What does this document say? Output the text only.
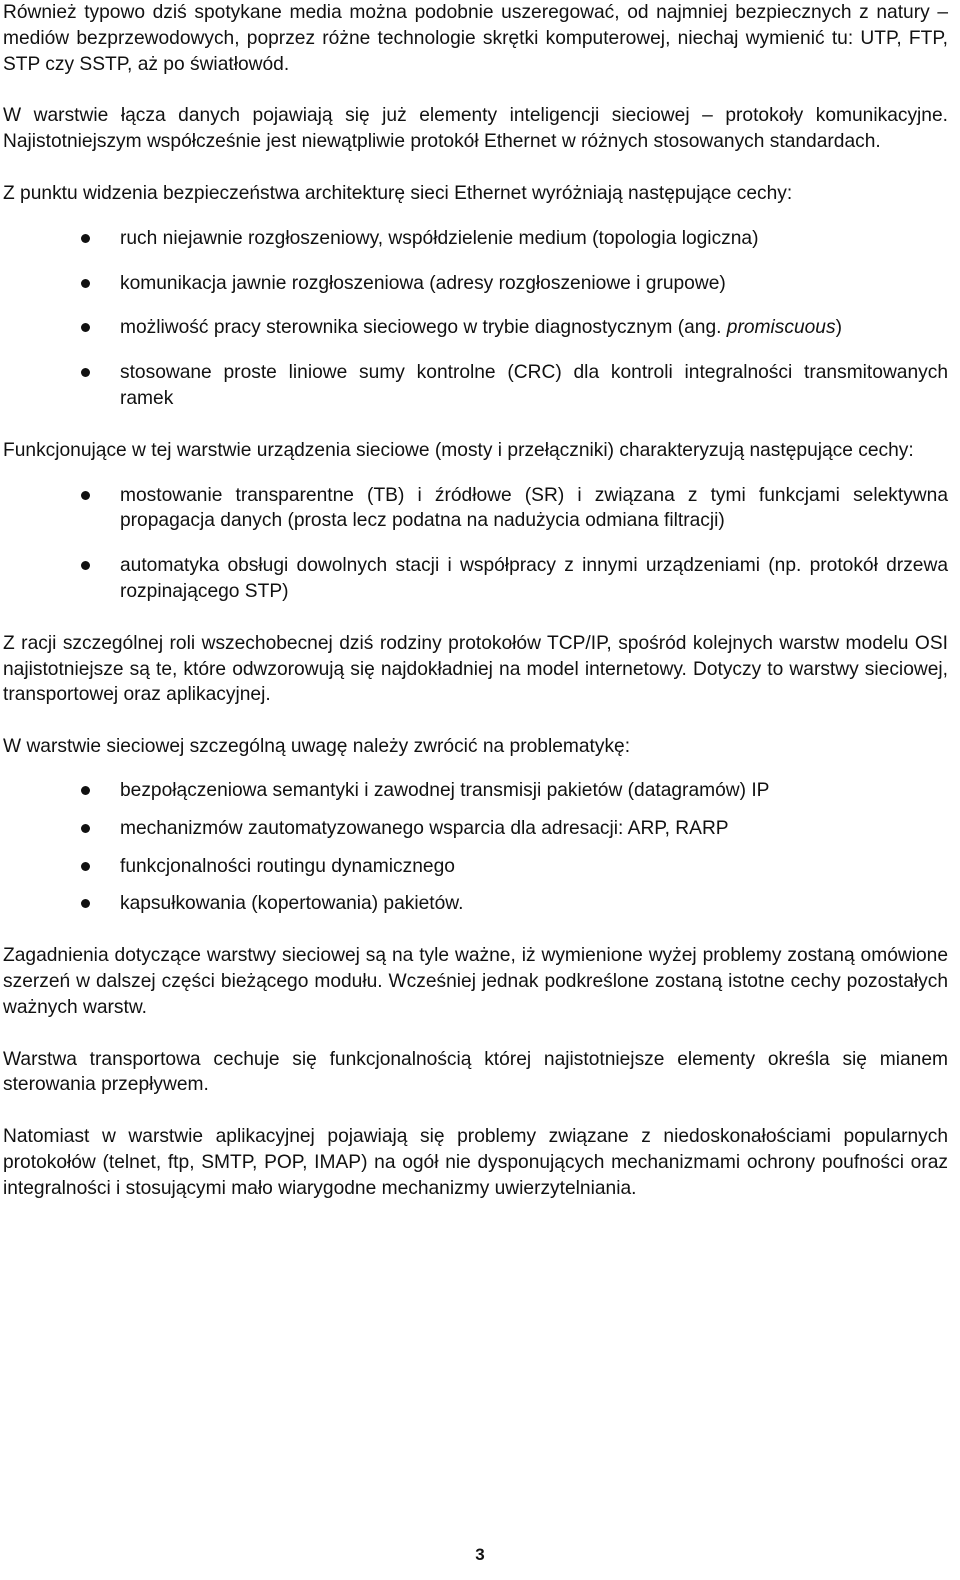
Również typowo dziś spotykane media można podobnie uszeregować, od najmniej bezpiecznych z natury – mediów bezprzewodowych, poprzez różne technologie skrętki komputerowej, niechaj wymienić tu: UTP, FTP, STP czy SSTP, aż po światłowód.

W warstwie łącza danych pojawiają się już elementy inteligencji sieciowej – protokoły komunikacyjne. Najistotniejszym współcześnie jest niewątpliwie protokół Ethernet w różnych stosowanych standardach.

Z punktu widzenia bezpieczeństwa architekturę sieci Ethernet wyróżniają następujące cechy:

ruch niejawnie rozgłoszeniowy, współdzielenie medium (topologia logiczna)
komunikacja jawnie rozgłoszeniowa (adresy rozgłoszeniowe i grupowe)
możliwość pracy sterownika sieciowego w trybie diagnostycznym (ang. promiscuous)
stosowane proste liniowe sumy kontrolne (CRC) dla kontroli integralności transmitowanych ramek

Funkcjonujące w tej warstwie urządzenia sieciowe (mosty i przełączniki) charakteryzują następujące cechy:

mostowanie transparentne (TB) i źródłowe (SR) i związana z tymi funkcjami selektywna propagacja danych (prosta lecz podatna na nadużycia odmiana filtracji)
automatyka obsługi dowolnych stacji i współpracy z innymi urządzeniami (np. protokół drzewa rozpinającego STP)

Z racji szczególnej roli wszechobecnej dziś rodziny protokołów TCP/IP, spośród kolejnych warstw modelu OSI najistotniejsze są te, które odwzorowują się najdokładniej na model internetowy. Dotyczy to warstwy sieciowej, transportowej oraz aplikacyjnej.

W warstwie sieciowej szczególną uwagę należy zwrócić na problematykę:

bezpołączeniowa semantyki i zawodnej transmisji pakietów (datagramów) IP
mechanizmów zautomatyzowanego wsparcia dla adresacji: ARP, RARP
funkcjonalności routingu dynamicznego
kapsułkowania (kopertowania) pakietów.

Zagadnienia dotyczące warstwy sieciowej są na tyle ważne, iż wymienione wyżej problemy zostaną omówione szerzeń w dalszej części bieżącego modułu. Wcześniej jednak podkreślone zostaną istotne cechy pozostałych ważnych warstw.

Warstwa transportowa cechuje się funkcjonalnością której najistotniejsze elementy określa się mianem sterowania przepływem.

Natomiast w warstwie aplikacyjnej pojawiają się problemy związane z niedoskonałościami popularnych protokołów (telnet, ftp, SMTP, POP, IMAP) na ogół nie dysponujących mechanizmami ochrony poufności oraz integralności i stosującymi mało wiarygodne mechanizmy uwierzytelniania.

3
